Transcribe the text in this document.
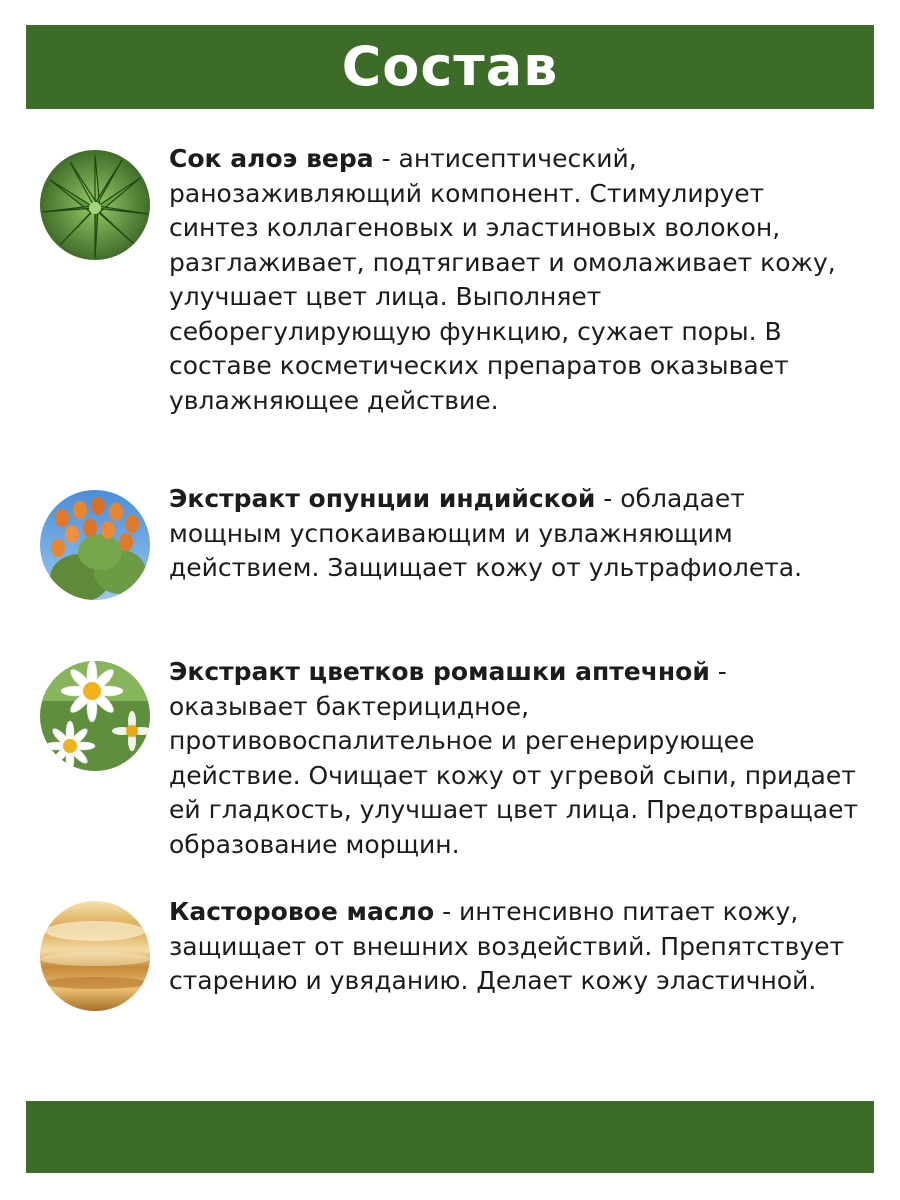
Состав

Сок алоэ вера - антисептический, ранозаживляющий компонент. Стимулирует синтез коллагеновых и эластиновых волокон, разглаживает, подтягивает и омолаживает кожу, улучшает цвет лица. Выполняет себорегулирующую функцию, сужает поры. В составе косметических препаратов оказывает увлажняющее действие.

Экстракт опунции индийской - обладает мощным успокаивающим и увлажняющим действием. Защищает кожу от ультрафиолета.

Экстракт цветков ромашки аптечной - оказывает бактерицидное, противовоспалительное и регенерирующее действие. Очищает кожу от угревой сыпи, придает ей гладкость, улучшает цвет лица. Предотвращает образование морщин.

Касторовое масло - интенсивно питает кожу, защищает от внешних воздействий. Препятствует старению и увяданию. Делает кожу эластичной.
